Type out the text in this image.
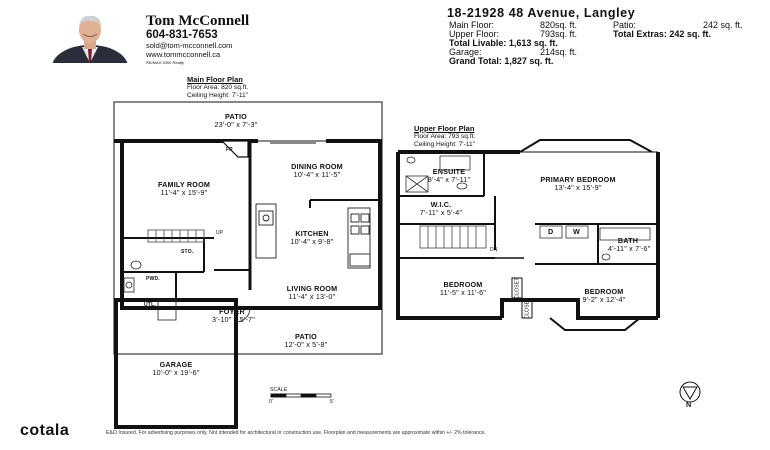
Tom McConnell
604-831-7653
sold@tom-mcconnell.com
www.tommcconnell.ca
RE/MAX 2000 Realty
18-21928 48 Avenue, Langley
Main Floor:	820sq. ft.
Upper Floor:	793sq. ft.
Total Livable: 1,613 sq. ft.
Garage:	214sq. ft.
Grand Total: 1,827 sq. ft.
Patio:	242 sq. ft.
Total Extras: 242 sq. ft.
Main Floor Plan
Floor Area: 820 sq.ft.
Ceiling Height: 7'-11"
PATIO
23'-0" x 7'-3"
FP
DINING ROOM
10'-4" x 11'-5"
FAMILY ROOM
11'-4" x 15'-9"
KITCHEN
10'-4" x 9'-8"
UP
STO.
PWD.
UTL.
LIVING ROOM
11'-4" x 13'-0"
FOYER
3'-10" x 5'-7"
PATIO
12'-0" x 5'-8"
GARAGE
10'-0" x 19'-6"
Upper Floor Plan
Floor Area: 793 sq.ft.
Ceiling Height: 7'-11"
ENSUITE
8'-4" x 7'-11"	PRIMARY BEDROOM
13'-4" x 15'-9"
W.I.C.
7'-11" x 5'-4"
D	W
DN
BATH
4'-11" x 7'-6"
BEDROOM
11'-5" x 11'-6"	CLOSET
CLOSET
BEDROOM
9'-2" x 12'-4"
SCALE
0'	5'	N
cotala	E&O Insured. For advertising purposes only. Not intended for architectural or construction use. Floorplan and measurements are approximate within +/- 2% tolerance.
